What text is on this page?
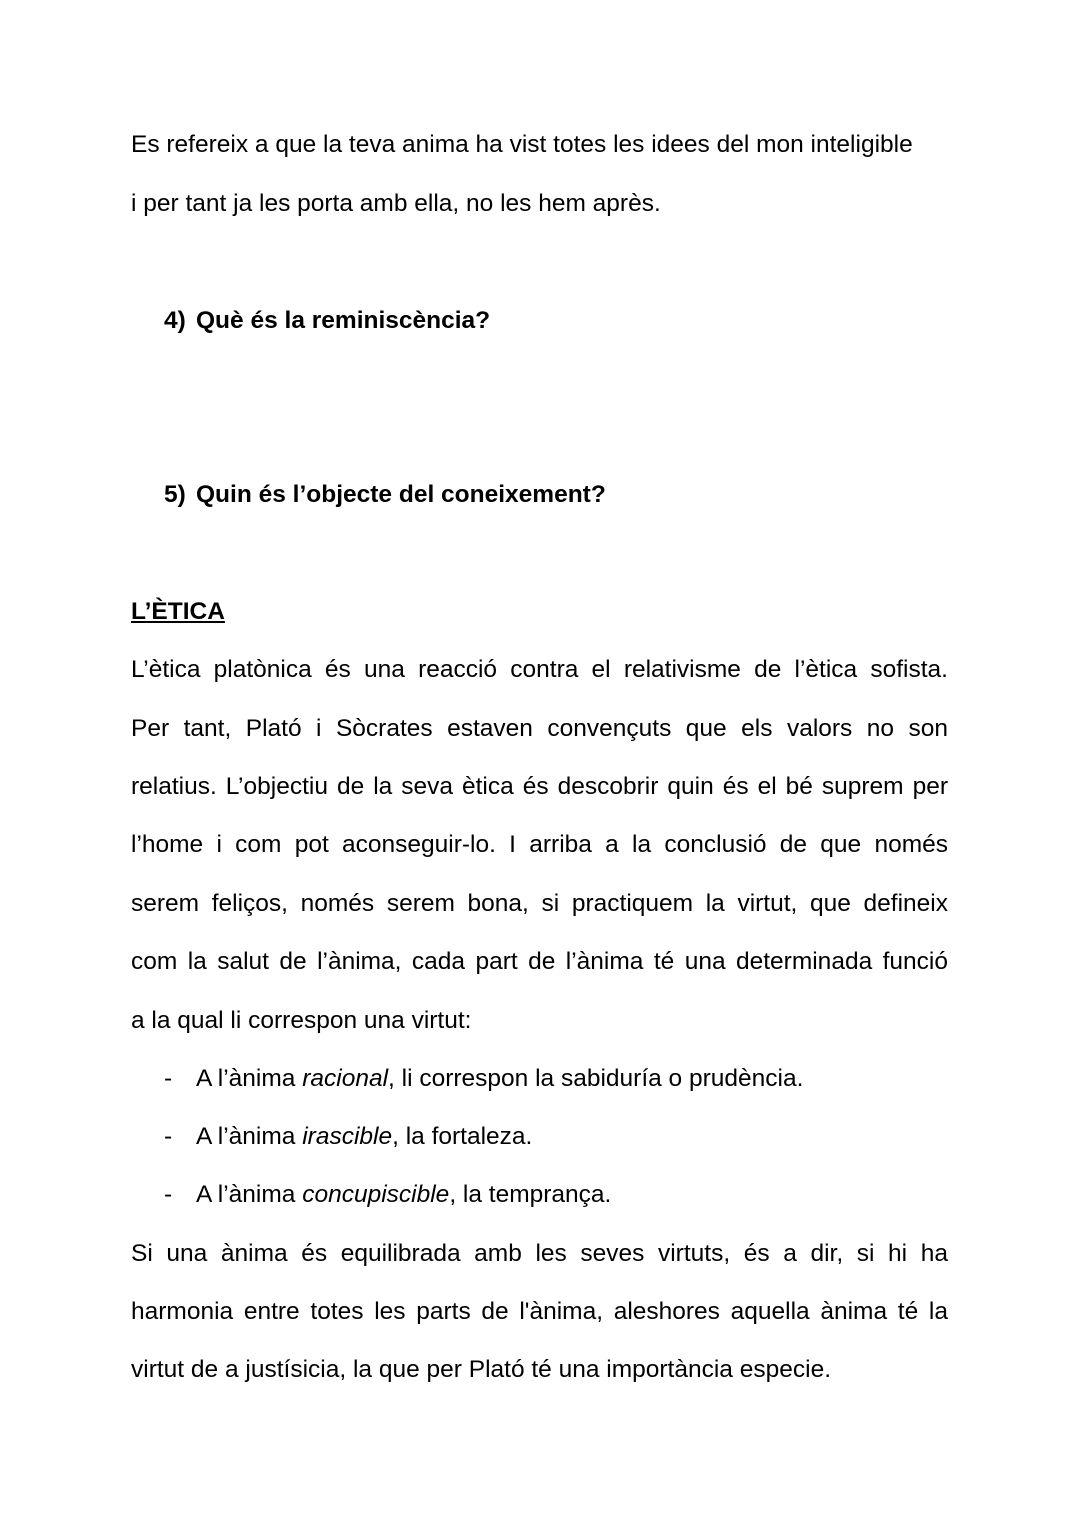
Es refereix a que la teva anima ha vist totes les idees del mon inteligible
i per tant ja les porta amb ella, no les hem après.
4) Què és la reminiscència?
5) Quin és l’objecte del coneixement?
L’ÈTICA
L’ètica platònica és una reacció contra el relativisme de l’ètica sofista.
Per tant, Plató i Sòcrates estaven convençuts que els valors no son
relatius. L’objectiu de la seva ètica és descobrir quin és el bé suprem per
l’home i com pot aconseguir-lo. I arriba a la conclusió de que només
serem feliços, només serem bona, si practiquem la virtut, que defineix
com la salut de l’ànima, cada part de l’ànima té una determinada funció
a la qual li correspon una virtut:
- A l’ànima racional, li correspon la sabiduría o prudència.
- A l’ànima irascible, la fortaleza.
- A l’ànima concupiscible, la temprança.
Si una ànima és equilibrada amb les seves virtuts, és a dir, si hi ha
harmonia entre totes les parts de l'ànima, aleshores aquella ànima té la
virtut de a justísicia, la que per Plató té una importància especie.
